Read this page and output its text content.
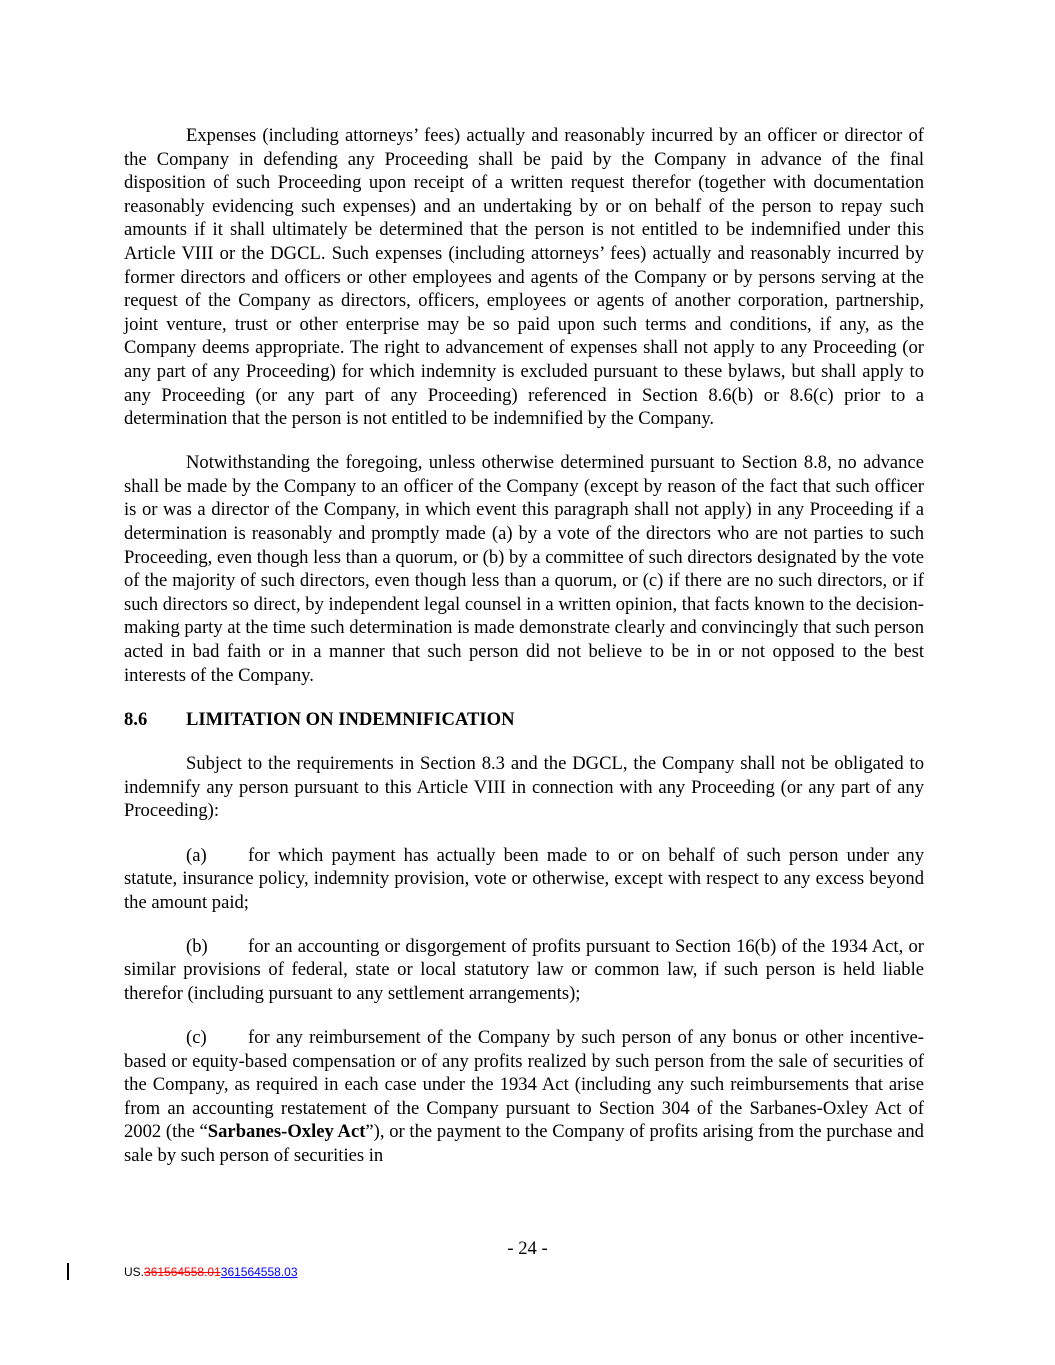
Expenses (including attorneys’ fees) actually and reasonably incurred by an officer or director of the Company in defending any Proceeding shall be paid by the Company in advance of the final disposition of such Proceeding upon receipt of a written request therefor (together with documentation reasonably evidencing such expenses) and an undertaking by or on behalf of the person to repay such amounts if it shall ultimately be determined that the person is not entitled to be indemnified under this Article VIII or the DGCL. Such expenses (including attorneys’ fees) actually and reasonably incurred by former directors and officers or other employees and agents of the Company or by persons serving at the request of the Company as directors, officers, employees or agents of another corporation, partnership, joint venture, trust or other enterprise may be so paid upon such terms and conditions, if any, as the Company deems appropriate. The right to advancement of expenses shall not apply to any Proceeding (or any part of any Proceeding) for which indemnity is excluded pursuant to these bylaws, but shall apply to any Proceeding (or any part of any Proceeding) referenced in Section 8.6(b) or 8.6(c) prior to a determination that the person is not entitled to be indemnified by the Company.

Notwithstanding the foregoing, unless otherwise determined pursuant to Section 8.8, no advance shall be made by the Company to an officer of the Company (except by reason of the fact that such officer is or was a director of the Company, in which event this paragraph shall not apply) in any Proceeding if a determination is reasonably and promptly made (a) by a vote of the directors who are not parties to such Proceeding, even though less than a quorum, or (b) by a committee of such directors designated by the vote of the majority of such directors, even though less than a quorum, or (c) if there are no such directors, or if such directors so direct, by independent legal counsel in a written opinion, that facts known to the decision-making party at the time such determination is made demonstrate clearly and convincingly that such person acted in bad faith or in a manner that such person did not believe to be in or not opposed to the best interests of the Company.

8.6 LIMITATION ON INDEMNIFICATION

Subject to the requirements in Section 8.3 and the DGCL, the Company shall not be obligated to indemnify any person pursuant to this Article VIII in connection with any Proceeding (or any part of any Proceeding):

(a) for which payment has actually been made to or on behalf of such person under any statute, insurance policy, indemnity provision, vote or otherwise, except with respect to any excess beyond the amount paid;

(b) for an accounting or disgorgement of profits pursuant to Section 16(b) of the 1934 Act, or similar provisions of federal, state or local statutory law or common law, if such person is held liable therefor (including pursuant to any settlement arrangements);

(c) for any reimbursement of the Company by such person of any bonus or other incentive-based or equity-based compensation or of any profits realized by such person from the sale of securities of the Company, as required in each case under the 1934 Act (including any such reimbursements that arise from an accounting restatement of the Company pursuant to Section 304 of the Sarbanes-Oxley Act of 2002 (the “Sarbanes-Oxley Act”), or the payment to the Company of profits arising from the purchase and sale by such person of securities in

- 24 -
US.361564558.01361564558.03
